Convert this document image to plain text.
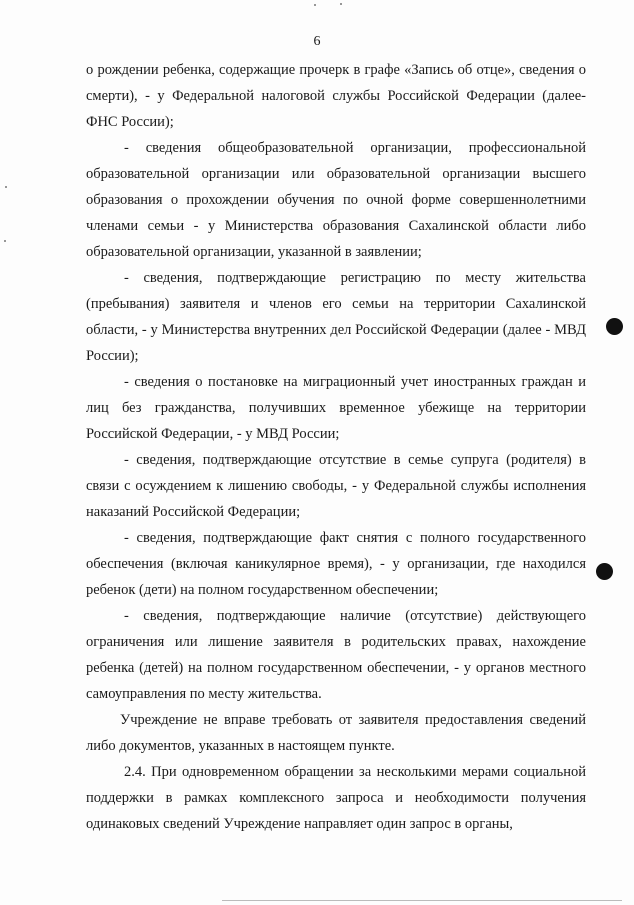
6

о рождении ребенка, содержащие прочерк в графе «Запись об отце», сведения о смерти), - у Федеральной налоговой службы Российской Федерации (далее-ФНС России);

- сведения общеобразовательной организации, профессиональной образовательной организации или образовательной организации высшего образования о прохождении обучения по очной форме совершеннолетними членами семьи - у Министерства образования Сахалинской области либо образовательной организации, указанной в заявлении;

- сведения, подтверждающие регистрацию по месту жительства (пребывания) заявителя и членов его семьи на территории Сахалинской области, - у Министерства внутренних дел Российской Федерации (далее - МВД России);

- сведения о постановке на миграционный учет иностранных граждан и лиц без гражданства, получивших временное убежище на территории Российской Федерации, - у МВД России;

- сведения, подтверждающие отсутствие в семье супруга (родителя) в связи с осуждением к лишению свободы, - у Федеральной службы исполнения наказаний Российской Федерации;

- сведения, подтверждающие факт снятия с полного государственного обеспечения (включая каникулярное время), - у организации, где находился ребенок (дети) на полном государственном обеспечении;

- сведения, подтверждающие наличие (отсутствие) действующего ограничения или лишение заявителя в родительских правах, нахождение ребенка (детей) на полном государственном обеспечении, - у органов местного самоуправления по месту жительства.

Учреждение не вправе требовать от заявителя предоставления сведений либо документов, указанных в настоящем пункте.

2.4. При одновременном обращении за несколькими мерами социальной поддержки в рамках комплексного запроса и необходимости получения одинаковых сведений Учреждение направляет один запрос в органы,
